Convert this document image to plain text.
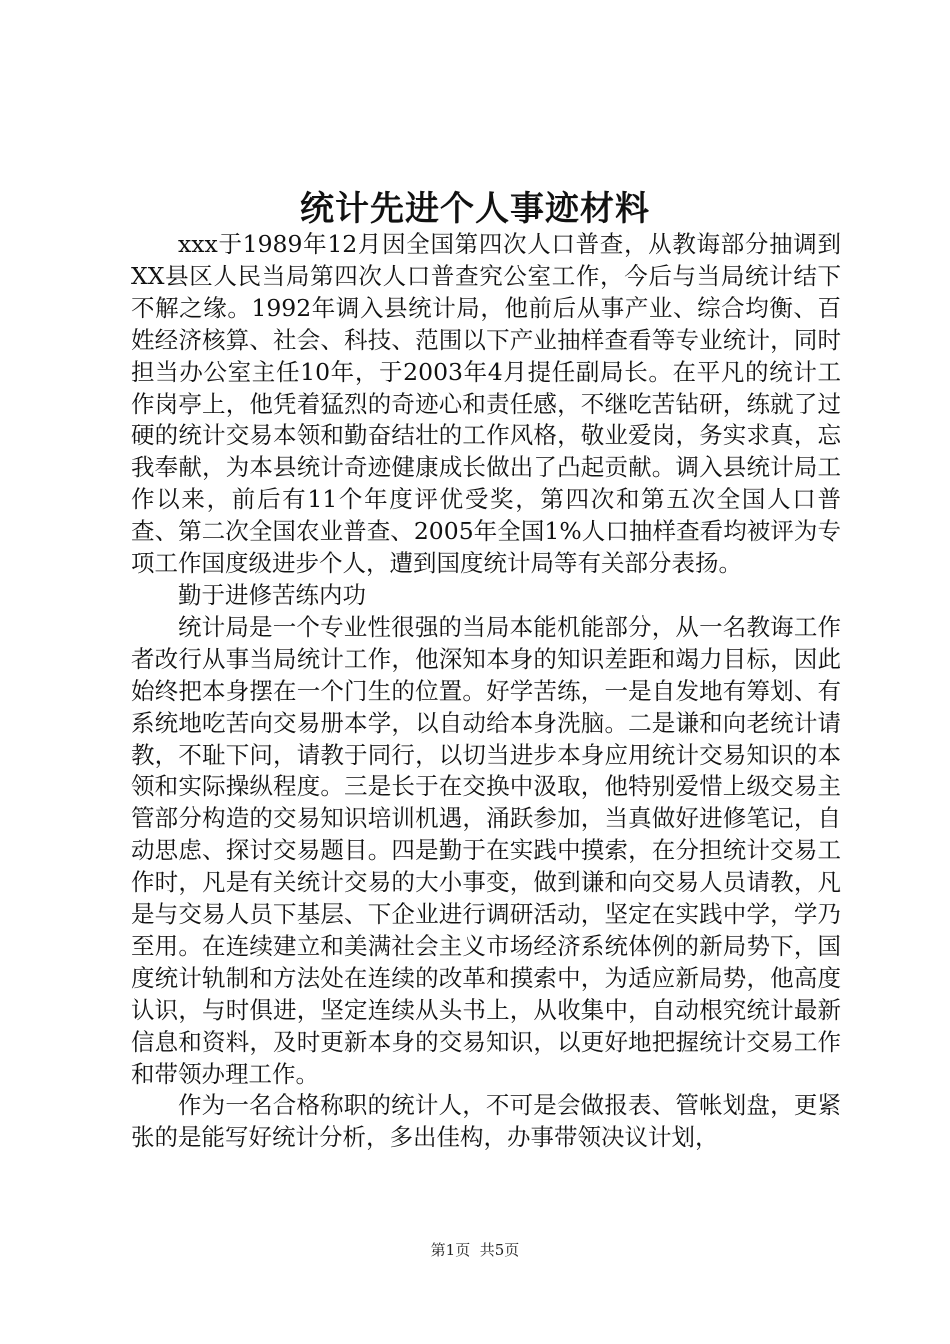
统计先进个人事迹材料

xxx于1989年12月因全国第四次人口普查，从教诲部分抽调到XX县区人民当局第四次人口普查究公室工作，今后与当局统计结下不解之缘。1992年调入县统计局，他前后从事产业、综合均衡、百姓经济核算、社会、科技、范围以下产业抽样查看等专业统计，同时担当办公室主任10年，于2003年4月提任副局长。在平凡的统计工作岗亭上，他凭着猛烈的奇迹心和责任感，不继吃苦钻研，练就了过硬的统计交易本领和勤奋结壮的工作风格，敬业爱岗，务实求真，忘我奉献，为本县统计奇迹健康成长做出了凸起贡献。调入县统计局工作以来，前后有11个年度评优受奖，第四次和第五次全国人口普查、第二次全国农业普查、2005年全国1%人口抽样查看均被评为专项工作国度级进步个人，遭到国度统计局等有关部分表扬。

勤于进修苦练内功

统计局是一个专业性很强的当局本能机能部分，从一名教诲工作者改行从事当局统计工作，他深知本身的知识差距和竭力目标，因此始终把本身摆在一个门生的位置。好学苦练，一是自发地有筹划、有系统地吃苦向交易册本学，以自动给本身洗脑。二是谦和向老统计请教，不耻下问，请教于同行，以切当进步本身应用统计交易知识的本领和实际操纵程度。三是长于在交换中汲取，他特别爱惜上级交易主管部分构造的交易知识培训机遇，涌跃参加，当真做好进修笔记，自动思虑、探讨交易题目。四是勤于在实践中摸索，在分担统计交易工作时，凡是有关统计交易的大小事变，做到谦和向交易人员请教，凡是与交易人员下基层、下企业进行调研活动，坚定在实践中学，学乃至用。在连续建立和美满社会主义市场经济系统体例的新局势下，国度统计轨制和方法处在连续的改革和摸索中，为适应新局势，他高度认识，与时俱进，坚定连续从头书上，从收集中，自动根究统计最新信息和资料，及时更新本身的交易知识，以更好地把握统计交易工作和带领办理工作。

作为一名合格称职的统计人，不可是会做报表、管帐划盘，更紧张的是能写好统计分析，多出佳构，办事带领决议计划，

第1页 共5页
